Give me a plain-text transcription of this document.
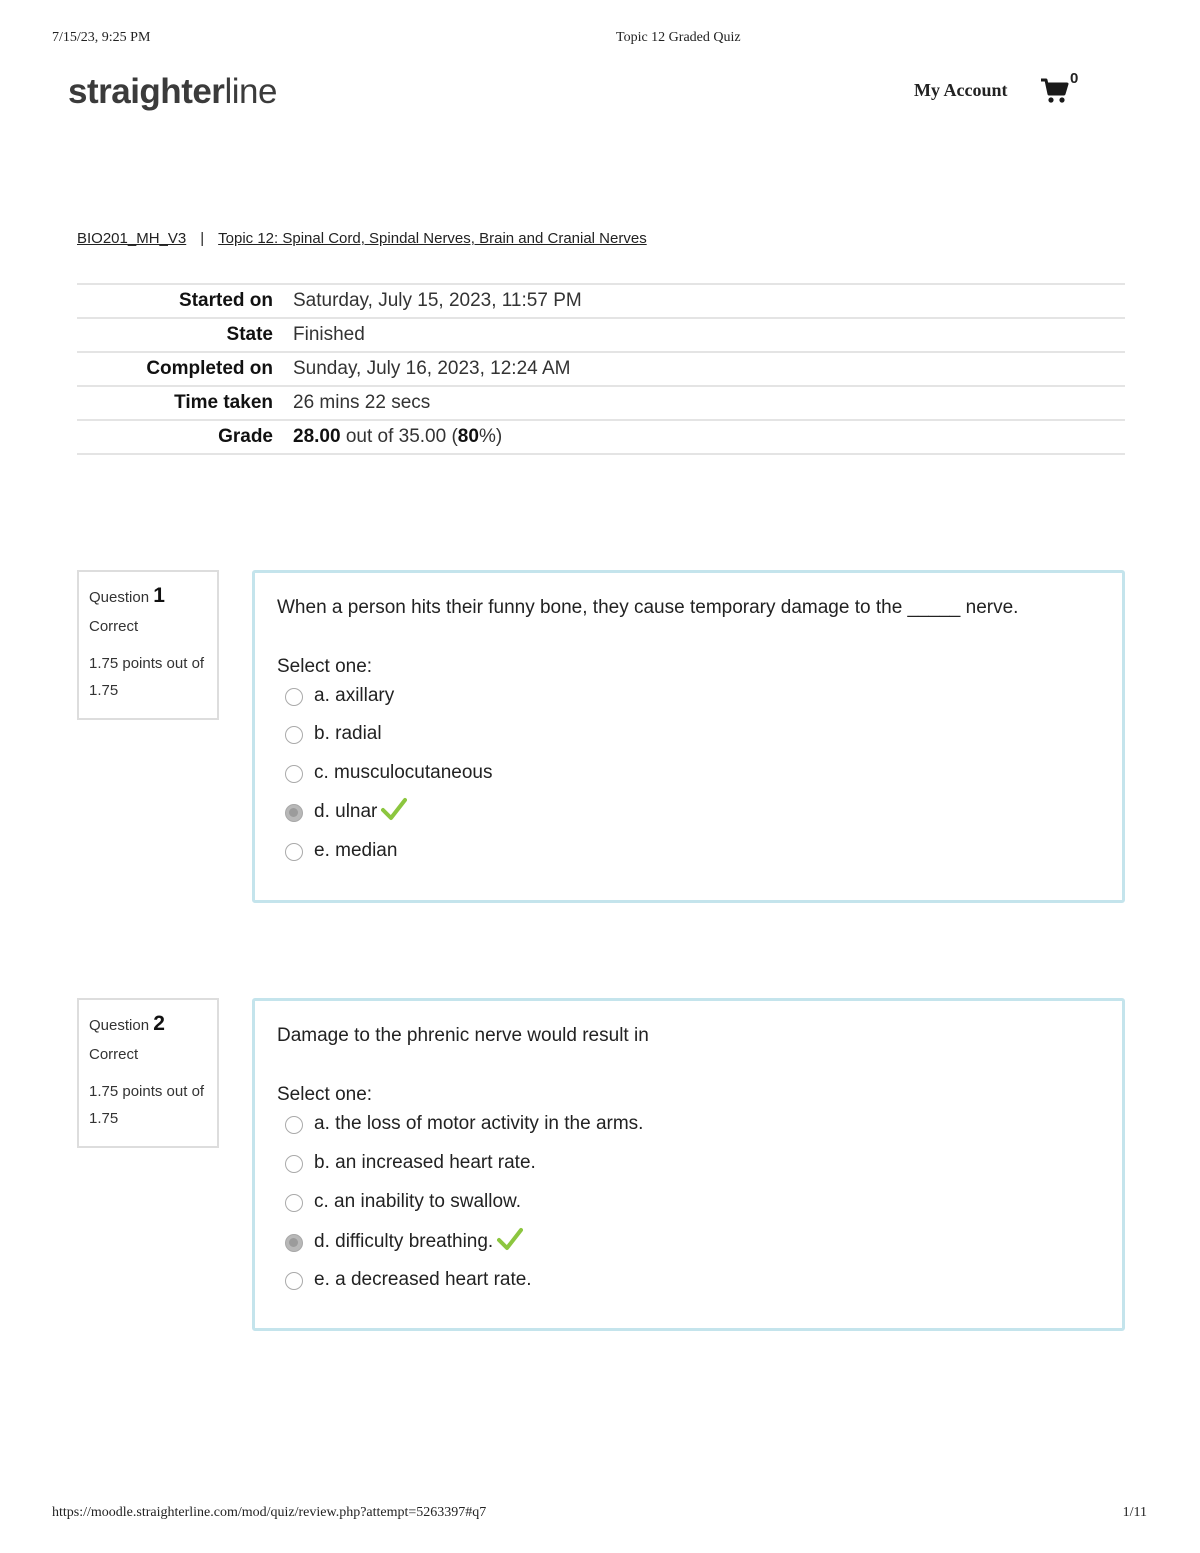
7/15/23, 9:25 PM	Topic 12 Graded Quiz
straighterline	My Account
0
BIO201_MH_V3 | Topic 12: Spinal Cord, Spindal Nerves, Brain and Cranial Nerves
Started on	Saturday, July 15, 2023, 11:57 PM
State	Finished
Completed on	Sunday, July 16, 2023, 12:24 AM
Time taken	26 mins 22 secs
Grade	28.00 out of 35.00 (80%)
Question 1
Correct
1.75 points out of 1.75
When a person hits their funny bone, they cause temporary damage to the _____ nerve.
Select one:
a. axillary
b. radial
c. musculocutaneous
d. ulnar
e. median
Question 2
Correct
1.75 points out of 1.75
Damage to the phrenic nerve would result in
Select one:
a. the loss of motor activity in the arms.
b. an increased heart rate.
c. an inability to swallow.
d. difficulty breathing.
e. a decreased heart rate.
https://moodle.straighterline.com/mod/quiz/review.php?attempt=5263397#q7	1/11
